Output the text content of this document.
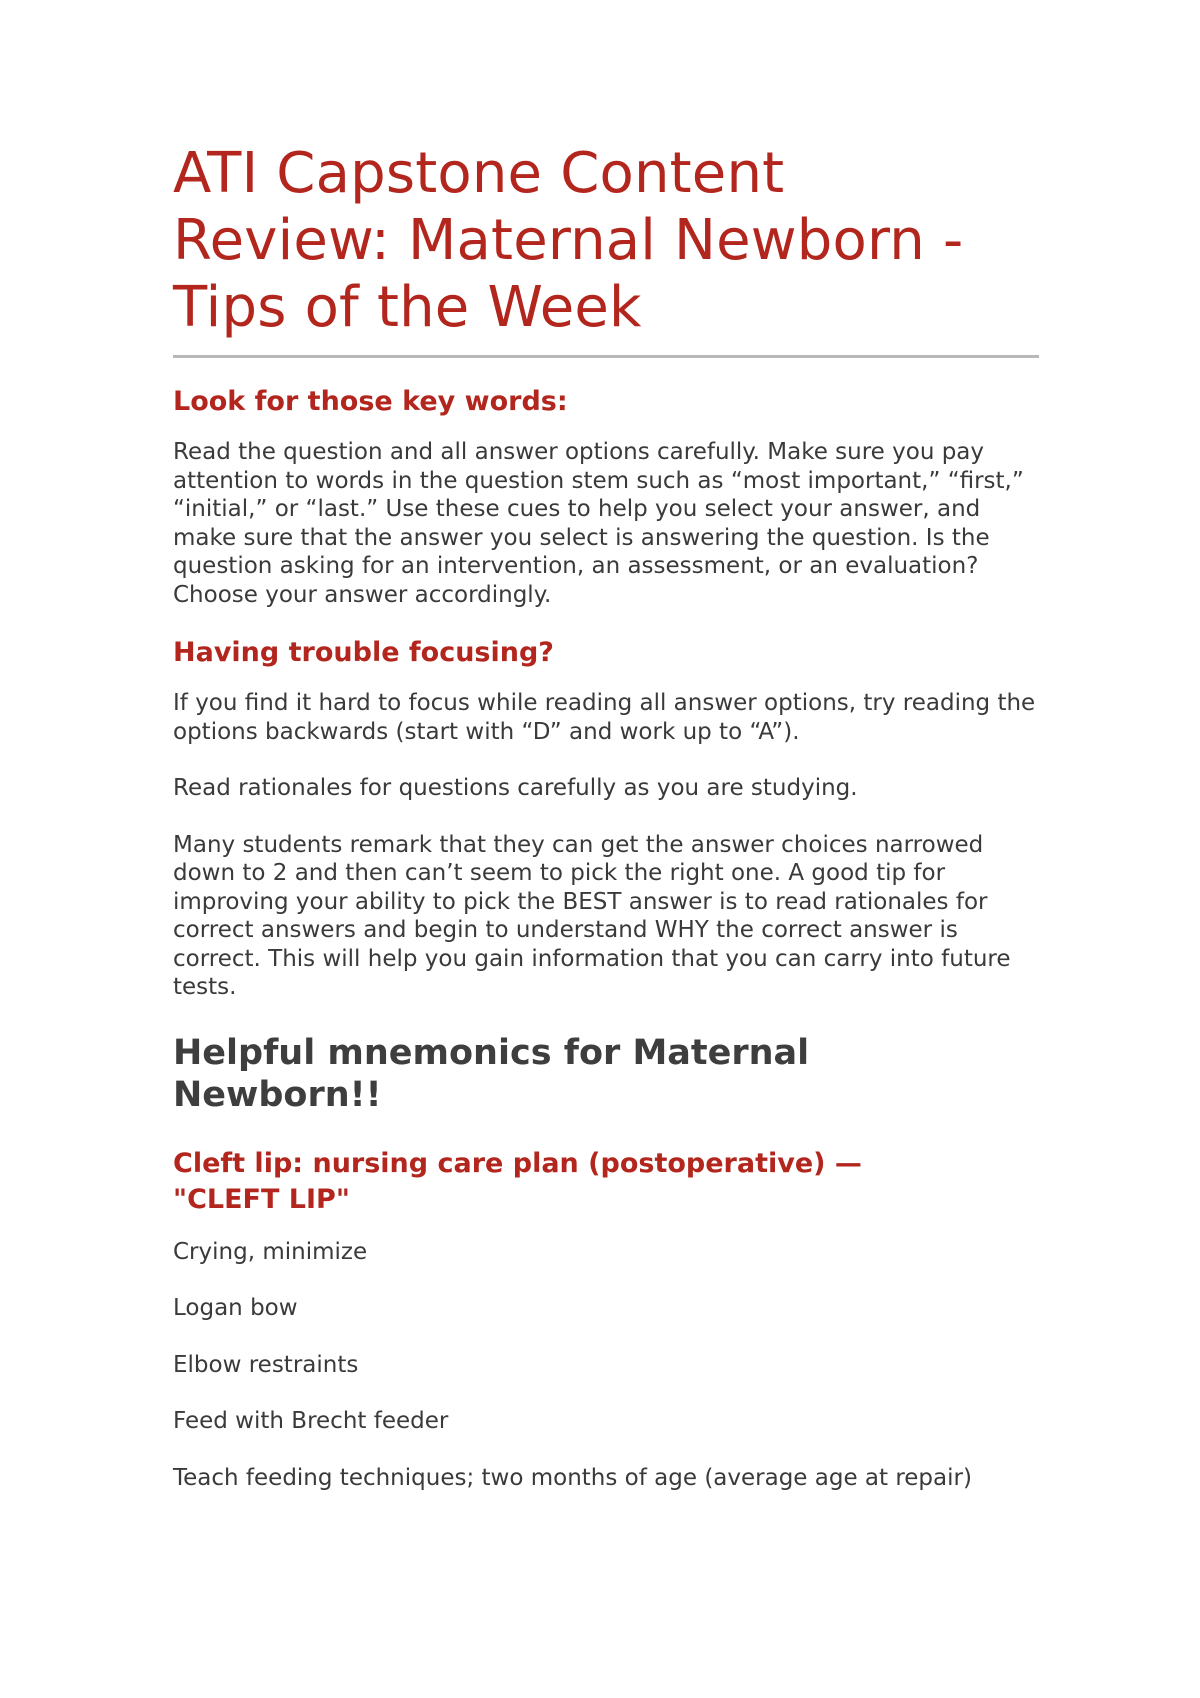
ATI Capstone Content Review: Maternal Newborn - Tips of the Week
Look for those key words:

Read the question and all answer options carefully. Make sure you pay attention to words in the question stem such as “most important,” “first,” “initial,” or “last.” Use these cues to help you select your answer, and make sure that the answer you select is answering the question. Is the question asking for an intervention, an assessment, or an evaluation? Choose your answer accordingly.

Having trouble focusing?

If you find it hard to focus while reading all answer options, try reading the options backwards (start with “D” and work up to “A”).

Read rationales for questions carefully as you are studying.

Many students remark that they can get the answer choices narrowed down to 2 and then can’t seem to pick the right one. A good tip for improving your ability to pick the BEST answer is to read rationales for correct answers and begin to understand WHY the correct answer is correct. This will help you gain information that you can carry into future tests.

Helpful mnemonics for Maternal Newborn!!
Cleft lip: nursing care plan (postoperative) — "CLEFT LIP"

Crying, minimize

Logan bow

Elbow restraints

Feed with Brecht feeder

Teach feeding techniques; two months of age (average age at repair)
